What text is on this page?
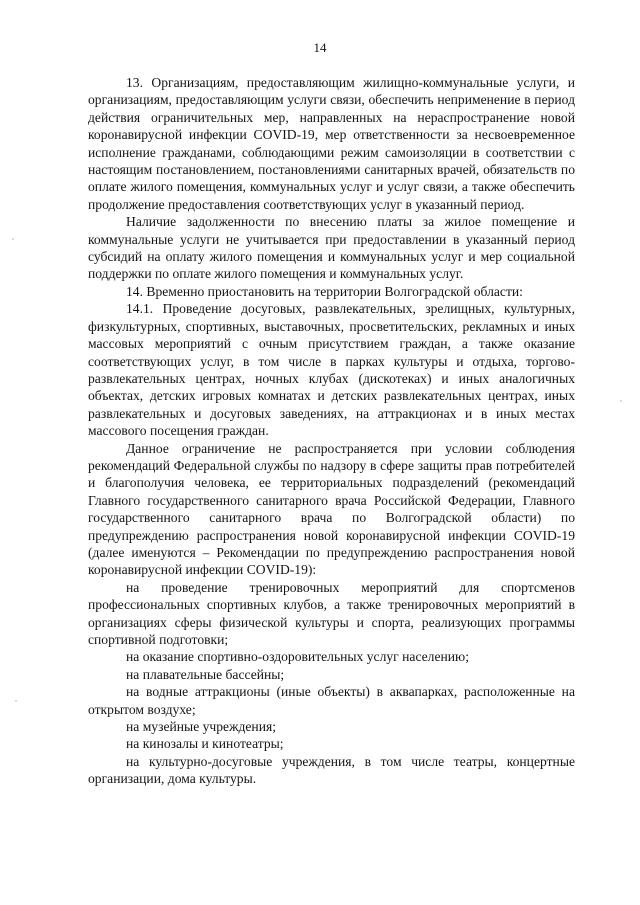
14

13. Организациям, предоставляющим жилищно-коммунальные услуги, и организациям, предоставляющим услуги связи, обеспечить неприменение в период действия ограничительных мер, направленных на нераспространение новой коронавирусной инфекции COVID-19, мер ответственности за несвоевременное исполнение гражданами, соблюдающими режим самоизоляции в соответствии с настоящим постановлением, постановлениями санитарных врачей, обязательств по оплате жилого помещения, коммунальных услуг и услуг связи, а также обеспечить продолжение предоставления соответствующих услуг в указанный период.

Наличие задолженности по внесению платы за жилое помещение и коммунальные услуги не учитывается при предоставлении в указанный период субсидий на оплату жилого помещения и коммунальных услуг и мер социальной поддержки по оплате жилого помещения и коммунальных услуг.

14. Временно приостановить на территории Волгоградской области:

14.1. Проведение досуговых, развлекательных, зрелищных, культурных, физкультурных, спортивных, выставочных, просветительских, рекламных и иных массовых мероприятий с очным присутствием граждан, а также оказание соответствующих услуг, в том числе в парках культуры и отдыха, торгово-развлекательных центрах, ночных клубах (дискотеках) и иных аналогичных объектах, детских игровых комнатах и детских развлекательных центрах, иных развлекательных и досуговых заведениях, на аттракционах и в иных местах массового посещения граждан.

Данное ограничение не распространяется при условии соблюдения рекомендаций Федеральной службы по надзору в сфере защиты прав потребителей и благополучия человека, ее территориальных подразделений (рекомендаций Главного государственного санитарного врача Российской Федерации, Главного государственного санитарного врача по Волгоградской области) по предупреждению распространения новой коронавирусной инфекции COVID-19 (далее именуются – Рекомендации по предупреждению распространения новой коронавирусной инфекции COVID-19):

на проведение тренировочных мероприятий для спортсменов профессиональных спортивных клубов, а также тренировочных мероприятий в организациях сферы физической культуры и спорта, реализующих программы спортивной подготовки;

на оказание спортивно-оздоровительных услуг населению;

на плавательные бассейны;

на водные аттракционы (иные объекты) в аквапарках, расположенные на открытом воздухе;

на музейные учреждения;

на кинозалы и кинотеатры;

на культурно-досуговые учреждения, в том числе театры, концертные организации, дома культуры.
